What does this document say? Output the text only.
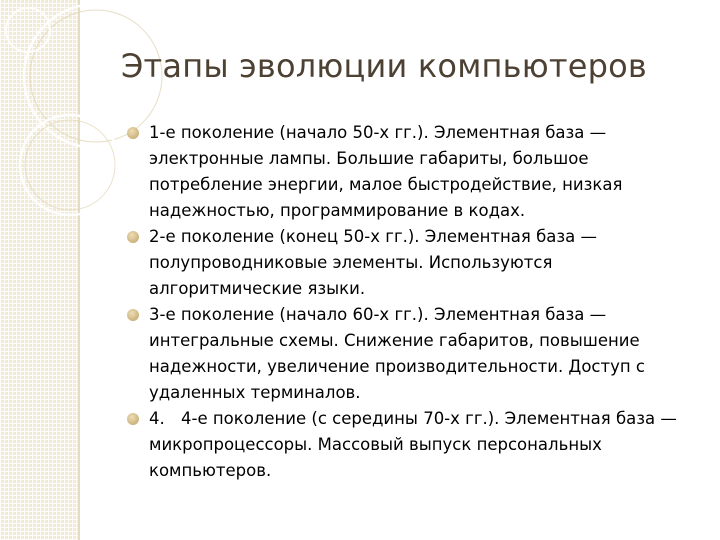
Этапы эволюции компьютеров
1-е поколение (начало 50-х гг.). Элементная база — электронные лампы. Большие габариты, большое потребление энергии, малое быстродействие, низкая надежностью, программирование в кодах.
2-е поколение (конец 50-х гг.). Элементная база — полупроводниковые элементы. Используются алгоритмические языки.
3-е поколение (начало 60-х гг.). Элементная база — интегральные схемы. Снижение габаритов, повышение надежности, увеличение производительности. Доступ с удаленных терминалов.
4. 4-е поколение (с середины 70-х гг.). Элементная база — микропроцессоры. Массовый выпуск персональных компьютеров.
